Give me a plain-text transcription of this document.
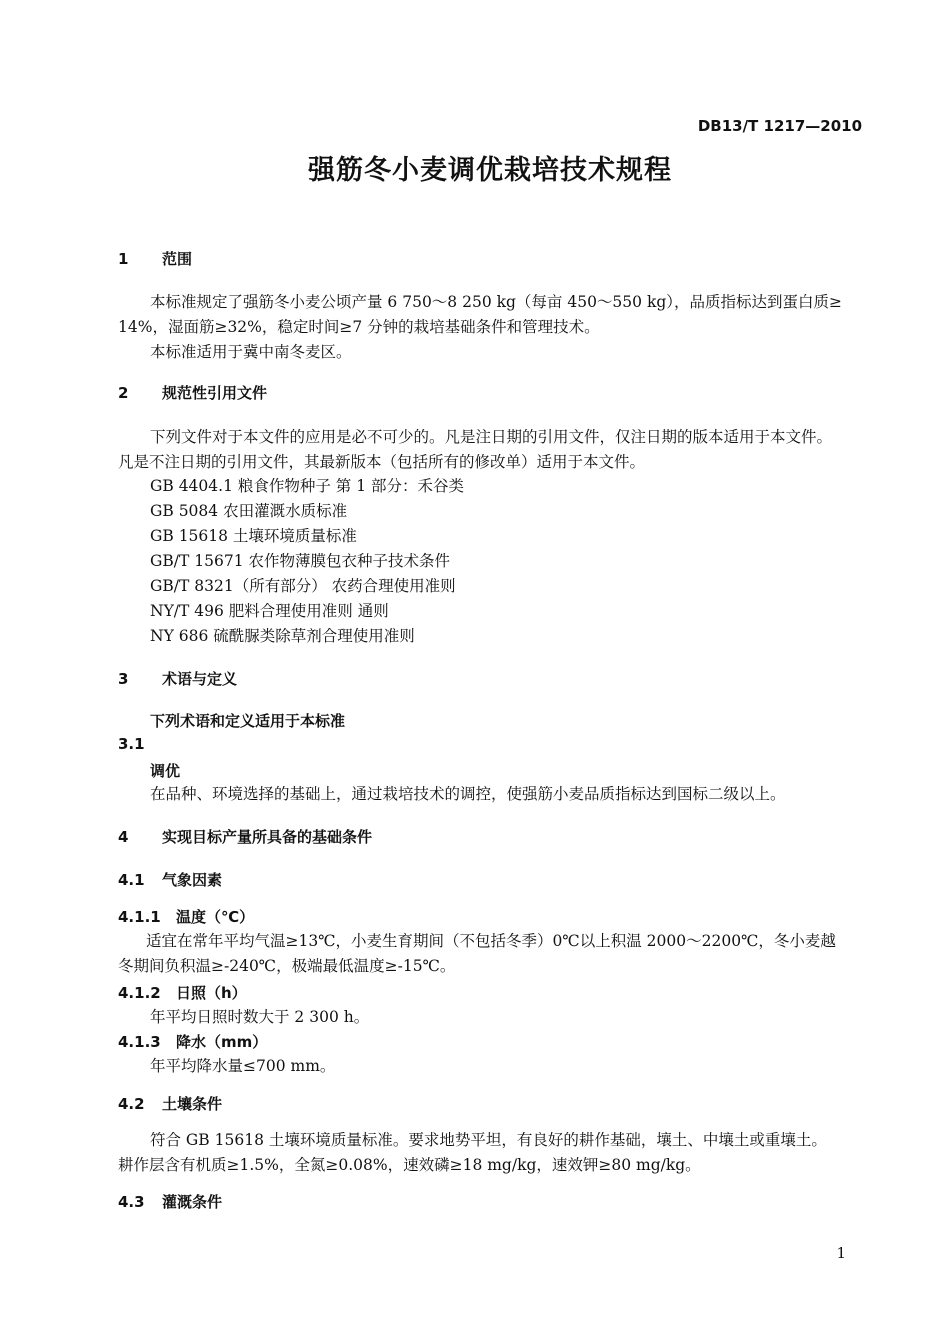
DB13/T 1217—2010
强筋冬小麦调优栽培技术规程
1 范围
本标准规定了强筋冬小麦公顷产量 6 750～8 250 kg（每亩 450～550 kg），品质指标达到蛋白质≥
14%，湿面筋≥32%，稳定时间≥7 分钟的栽培基础条件和管理技术。
本标准适用于冀中南冬麦区。
2 规范性引用文件
下列文件对于本文件的应用是必不可少的。凡是注日期的引用文件，仅注日期的版本适用于本文件。
凡是不注日期的引用文件，其最新版本（包括所有的修改单）适用于本文件。
GB 4404.1 粮食作物种子 第 1 部分：禾谷类
GB 5084 农田灌溉水质标准
GB 15618 土壤环境质量标准
GB/T 15671 农作物薄膜包衣种子技术条件
GB/T 8321（所有部分） 农药合理使用准则
NY/T 496 肥料合理使用准则 通则
NY 686 硫酰脲类除草剂合理使用准则
3 术语与定义
下列术语和定义适用于本标准
3.1
调优
在品种、环境选择的基础上，通过栽培技术的调控，使强筋小麦品质指标达到国标二级以上。
4 实现目标产量所具备的基础条件
4.1 气象因素
4.1.1 温度（℃）
适宜在常年平均气温≥13℃，小麦生育期间（不包括冬季）0℃以上积温 2000～2200℃，冬小麦越
冬期间负积温≥-240℃，极端最低温度≥-15℃。
4.1.2 日照（h）
年平均日照时数大于 2 300 h。
4.1.3 降水（mm）
年平均降水量≤700 mm。
4.2 土壤条件
符合 GB 15618 土壤环境质量标准。要求地势平坦，有良好的耕作基础，壤土、中壤土或重壤土。
耕作层含有机质≥1.5%，全氮≥0.08%，速效磷≥18 mg/kg，速效钾≥80 mg/kg。
4.3 灌溉条件
1
